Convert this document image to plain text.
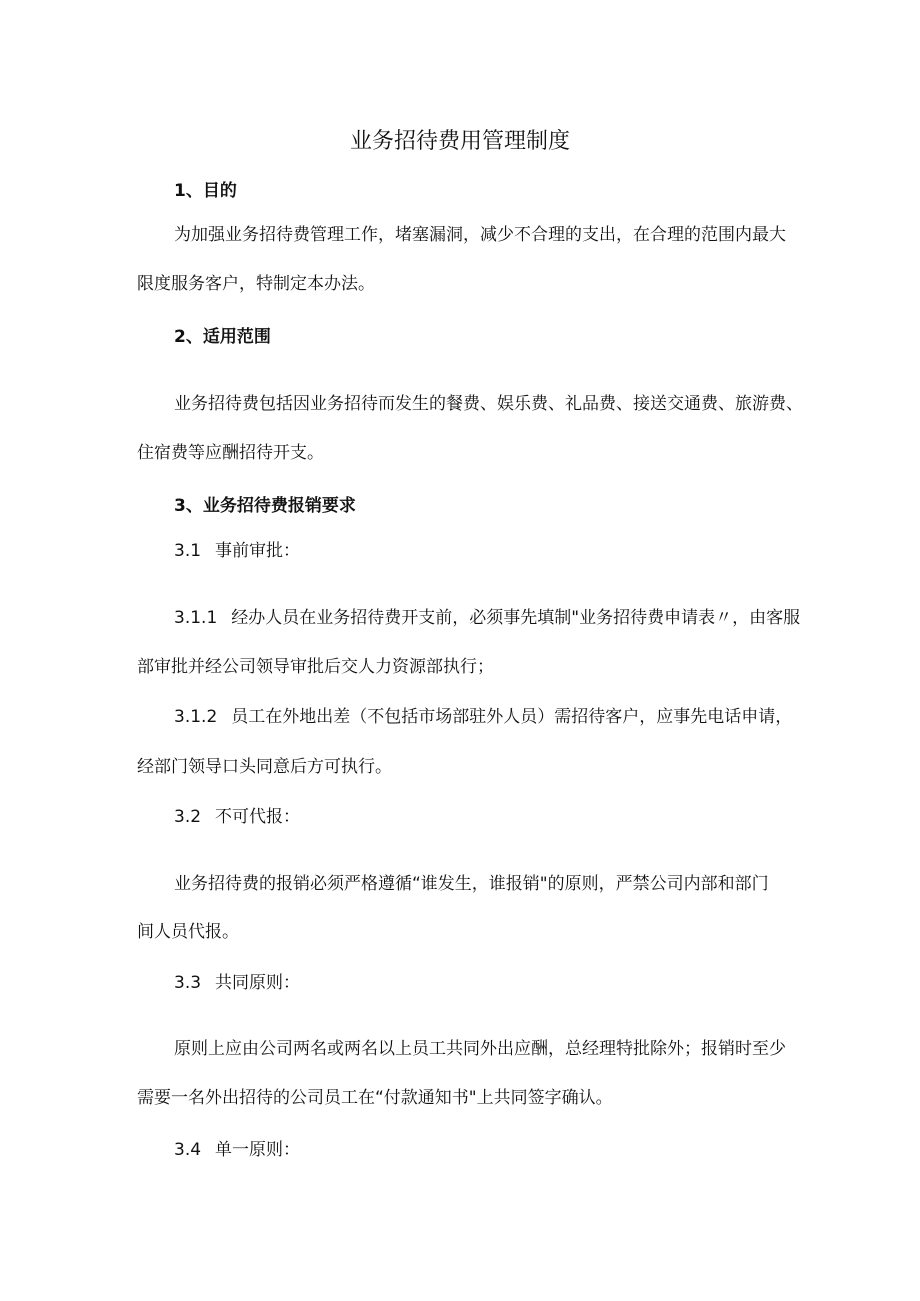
业务招待费用管理制度

1、目的

为加强业务招待费管理工作，堵塞漏洞，减少不合理的支出，在合理的范围内最大

限度服务客户，特制定本办法。

2、适用范围

业务招待费包括因业务招待而发生的餐费、娱乐费、礼品费、接送交通费、旅游费、

住宿费等应酬招待开支。

3、业务招待费报销要求

3.1 事前审批：

3.1.1 经办人员在业务招待费开支前，必须事先填制"业务招待费申请表〃，由客服

部审批并经公司领导审批后交人力资源部执行；

3.1.2 员工在外地出差（不包括市场部驻外人员）需招待客户，应事先电话申请，

经部门领导口头同意后方可执行。

3.2 不可代报：

业务招待费的报销必须严格遵循“谁发生，谁报销"的原则，严禁公司内部和部门

间人员代报。

3.3 共同原则：

原则上应由公司两名或两名以上员工共同外出应酬，总经理特批除外；报销时至少

需要一名外出招待的公司员工在“付款通知书"上共同签字确认。

3.4 单一原则：
